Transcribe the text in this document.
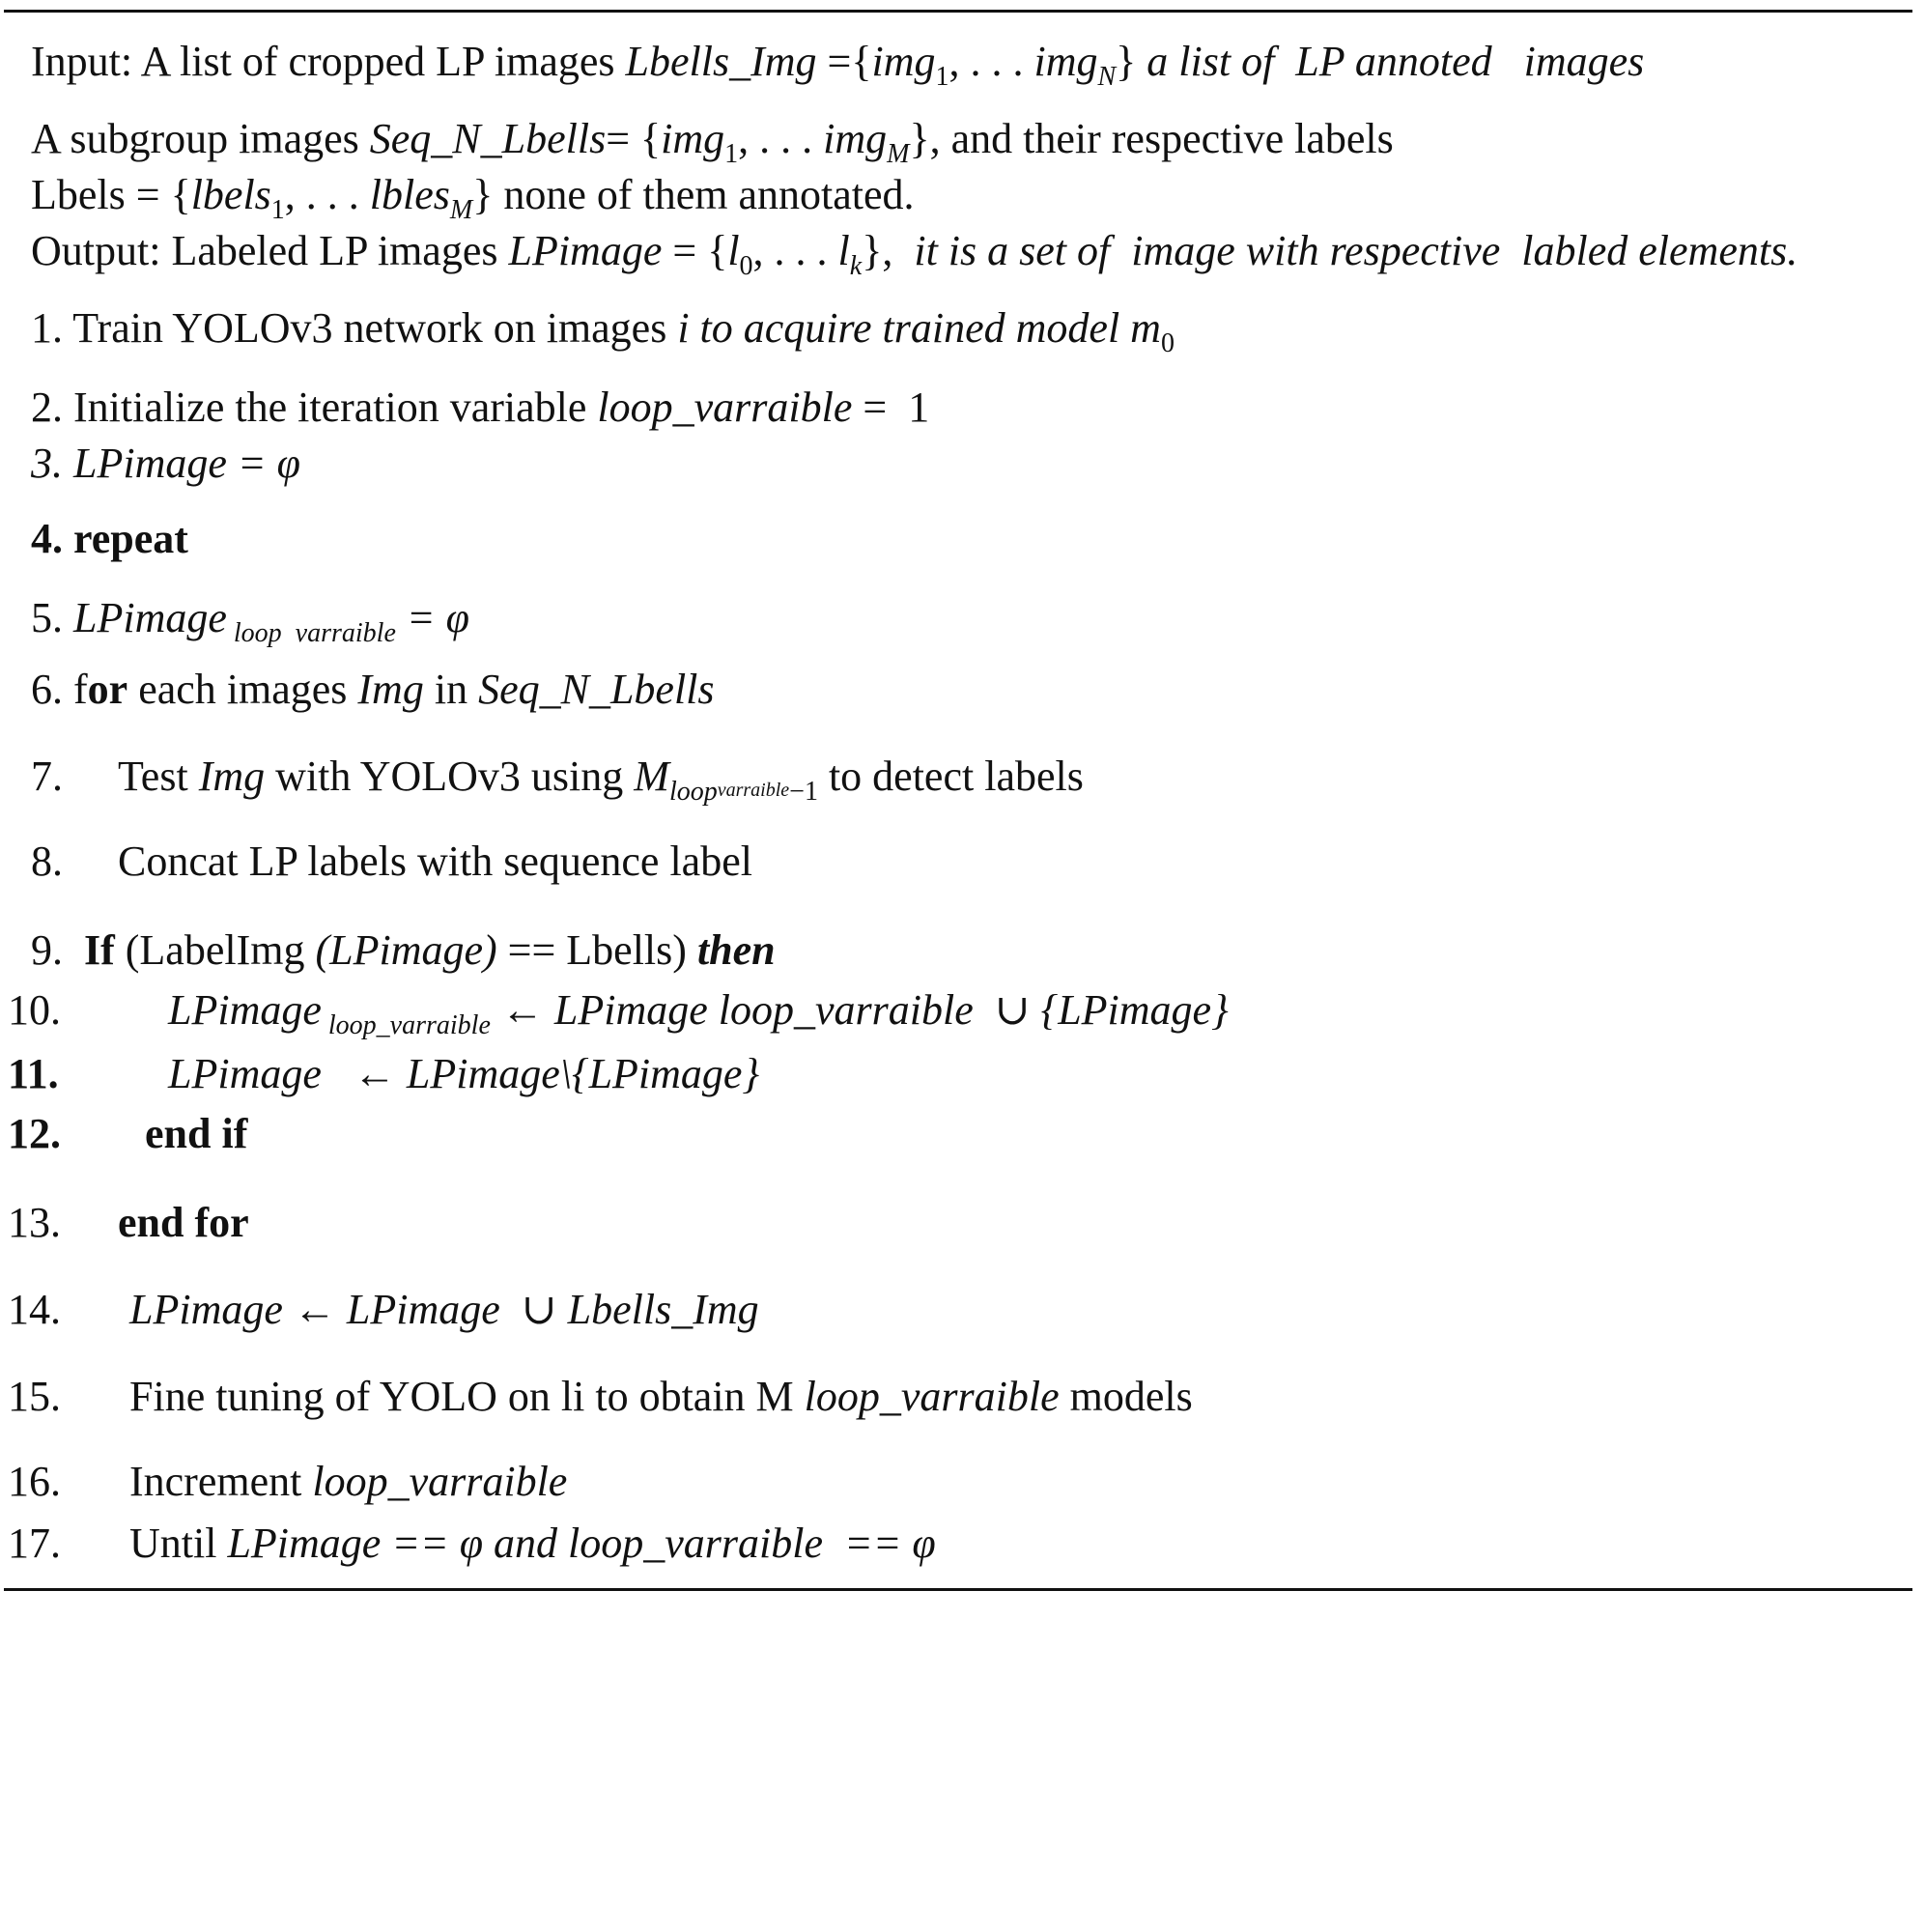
Input: A list of cropped LP images Lbells_Img ={img$_1$, . . . img$_N$} a list of  LP annoted   images
A subgroup images Seq_N_Lbells= {img$_1$, . . . img$_M$}, and their respective labels
Lbels = {lbels$_1$, . . . lbles$_M$} none of them annotated.
Output: Labeled LP images LPimage = {$l_0$, . . . $l_k$},  it is a set of  image with respective  labled elements.
1. Train YOLOv3 network on images i to acquire trained model $m_0$
2. Initialize the iteration variable loop_varraible =  1
3. LPimage = φ
4. repeat
5. LPimage $_{loop varraible}$ = φ
6. for each images Img in Seq_N_Lbells
7.	Test Img with YOLOv3 using $M_{loop}varraible_{-1}$ to detect labels
8.	Concat LP labels with sequence label
9.  If (LabelImg (LPimage) == Lbells) then
10.	LPimage $_{loop\_varraible}$ ← LPimage loop_varraible  ∪ {LPimage}
11.	LPimage   ← LPimage\{LPimage}
12.	end if
13.	end for
14.	LPimage ← LPimage  ∪ Lbells_Img
15.	Fine tuning of YOLO on li to obtain M loop_varraible models
16.	Increment loop_varraible
17.	Until LPimage == φ and loop_varraible  == φ
